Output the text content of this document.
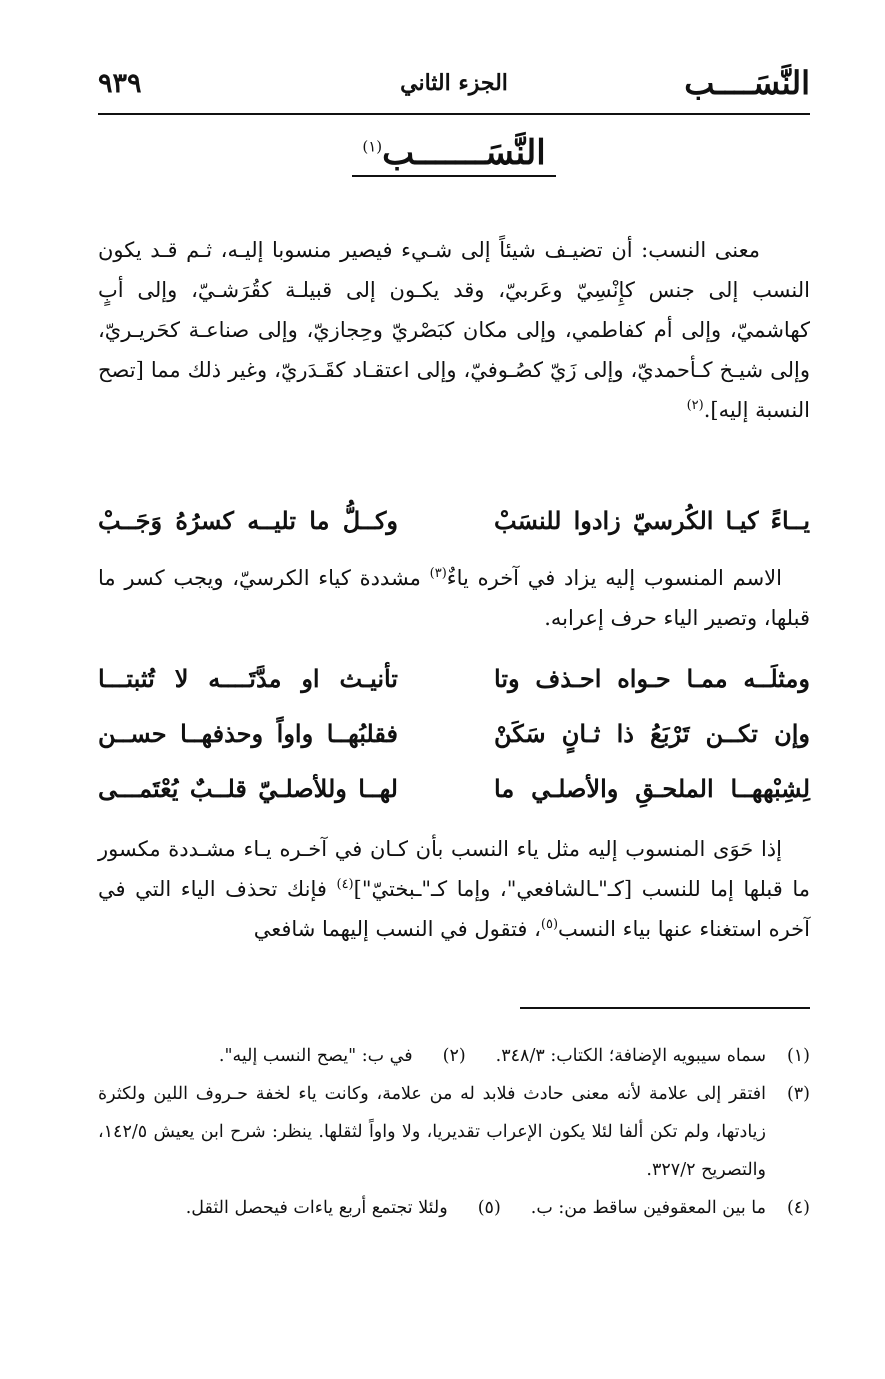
النَّسَــــب
الجزء الثاني
٩٣٩
النَّسَـــــــب$^{(١)}$
معنى النسب: أن تضيـف شيئاً إلى شـيء فيصير منسوبا إليـه، ثـم قـد يكون النسب إلى جنس كإِنْسِيّ وعَربيّ، وقد يكـون إلى قبيلـة كقُرَشـيّ، وإلى أبٍ كهاشميّ، وإلى أم كفاطمي، وإلى مكان كبَصْريّ وحِجازيّ، وإلى صناعـة كحَريـريّ، وإلى شيـخ كـأحمديّ، وإلى زَيّ كصُـوفيّ، وإلى اعتقـاد كقَـدَريّ، وغير ذلك مما [تصح النسبة إليه].$^{(٢)}$
يــاءً كيـا الكُرسيّ زادوا للنسَبْ
وكــلُّ ما تليــه كسرُهُ وَجَــبْ
الاسم المنسوب إليه يزاد في آخره ياءٌ$^{(٣)}$ مشددة كياء الكرسيّ، ويجب كسر ما قبلها، وتصير الياء حرف إعرابه.
ومثلَــه ممـا حـواه احـذف وتا
تأنيـث او مدَّتَــــه لا تُثبتـــا
وإن تكــن تَرْبَعُ ذا ثـانٍ سَكَنْ
فقلبُهــا واواً وحذفهــا حســن
لِشِبْههــا الملحـقِ والأصلـي ما
لهــا وللأصلـيّ قلــبٌ يُعْتَمـــى
إذا حَوَى المنسوب إليه مثل ياء النسب بأن كـان في آخـره يـاء مشـددة مكسور ما قبلها إما للنسب [كـ"ـالشافعي"، وإما كـ"ـبختيّ"]$^{(٤)}$ فإنك تحذف الياء التي في آخره استغناء عنها بياء النسب$^{(٥)}$، فتقول في النسب إليهما شافعي
(١)
سماه سيبويه الإضافة؛ الكتاب: ٣٤٨/٣.(٢)في ب: "يصح النسب إليه".
(٣)
افتقر إلى علامة لأنه معنى حادث فلابد له من علامة، وكانت ياء لخفة حـروف اللين ولكثرة زيادتها، ولم تكن ألفا لئلا يكون الإعراب تقديريا، ولا واواً لثقلها. ينظر: شرح ابن يعيش ١٤٢/٥، والتصريح ٣٢٧/٢.
(٤)
ما بين المعقوفين ساقط من: ب.(٥)ولئلا تجتمع أربع ياءات فيحصل الثقل.
